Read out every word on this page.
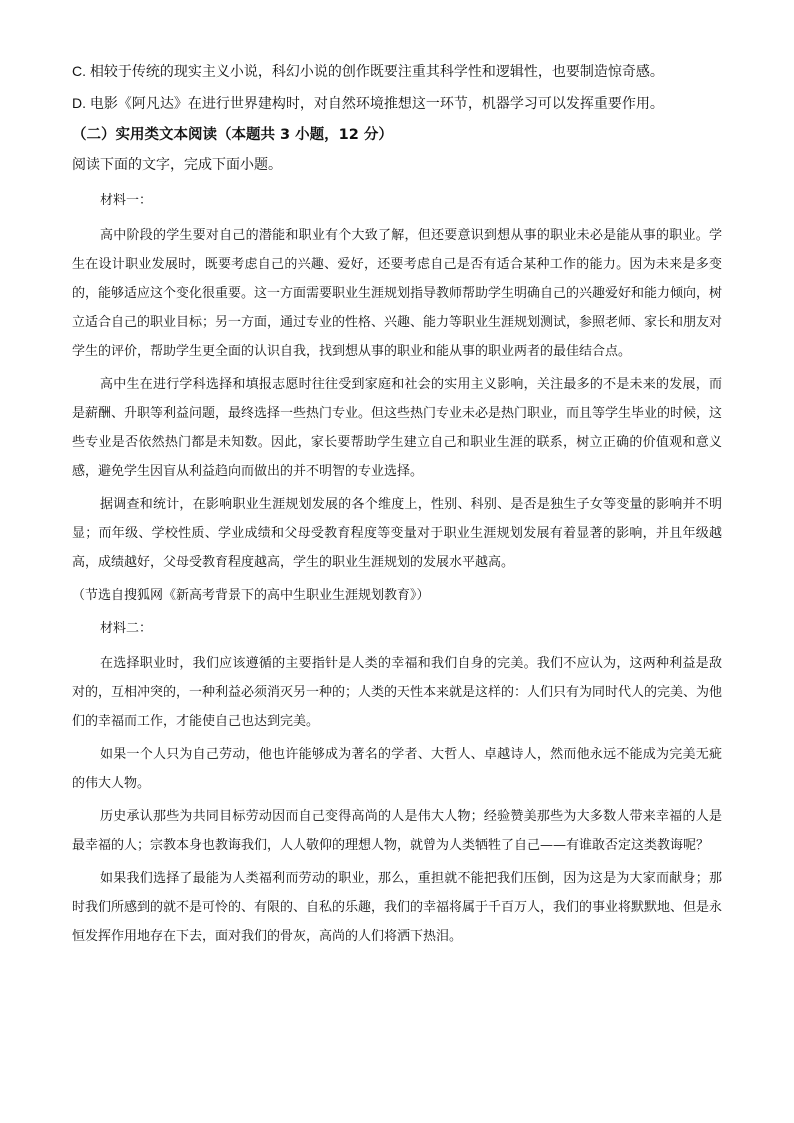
C. 相较于传统的现实主义小说，科幻小说的创作既要注重其科学性和逻辑性，也要制造惊奇感。
D. 电影《阿凡达》在进行世界建构时，对自然环境推想这一环节，机器学习可以发挥重要作用。
（二）实用类文本阅读（本题共 3 小题，12 分）
阅读下面的文字，完成下面小题。
材料一：
高中阶段的学生要对自己的潜能和职业有个大致了解，但还要意识到想从事的职业未必是能从事的职业。学生在设计职业发展时，既要考虑自己的兴趣、爱好，还要考虑自己是否有适合某种工作的能力。因为未来是多变的，能够适应这个变化很重要。这一方面需要职业生涯规划指导教师帮助学生明确自己的兴趣爱好和能力倾向，树立适合自己的职业目标；另一方面，通过专业的性格、兴趣、能力等职业生涯规划测试，参照老师、家长和朋友对学生的评价，帮助学生更全面的认识自我，找到想从事的职业和能从事的职业两者的最佳结合点。
高中生在进行学科选择和填报志愿时往往受到家庭和社会的实用主义影响，关注最多的不是未来的发展，而是薪酬、升职等利益问题，最终选择一些热门专业。但这些热门专业未必是热门职业，而且等学生毕业的时候，这些专业是否依然热门都是未知数。因此，家长要帮助学生建立自己和职业生涯的联系，树立正确的价值观和意义感，避免学生因盲从利益趋向而做出的并不明智的专业选择。
据调查和统计，在影响职业生涯规划发展的各个维度上，性别、科别、是否是独生子女等变量的影响并不明显；而年级、学校性质、学业成绩和父母受教育程度等变量对于职业生涯规划发展有着显著的影响，并且年级越高，成绩越好，父母受教育程度越高，学生的职业生涯规划的发展水平越高。
（节选自搜狐网《新高考背景下的高中生职业生涯规划教育》）
材料二：
在选择职业时，我们应该遵循的主要指针是人类的幸福和我们自身的完美。我们不应认为，这两种利益是敌对的，互相冲突的，一种利益必须消灭另一种的；人类的天性本来就是这样的：人们只有为同时代人的完美、为他们的幸福而工作，才能使自己也达到完美。
如果一个人只为自己劳动，他也许能够成为著名的学者、大哲人、卓越诗人，然而他永远不能成为完美无疵的伟大人物。
历史承认那些为共同目标劳动因而自己变得高尚的人是伟大人物；经验赞美那些为大多数人带来幸福的人是最幸福的人；宗教本身也教诲我们，人人敬仰的理想人物，就曾为人类牺牲了自己——有谁敢否定这类教诲呢？
如果我们选择了最能为人类福利而劳动的职业，那么，重担就不能把我们压倒，因为这是为大家而献身；那时我们所感到的就不是可怜的、有限的、自私的乐趣，我们的幸福将属于千百万人，我们的事业将默默地、但是永恒发挥作用地存在下去，面对我们的骨灰，高尚的人们将洒下热泪。
